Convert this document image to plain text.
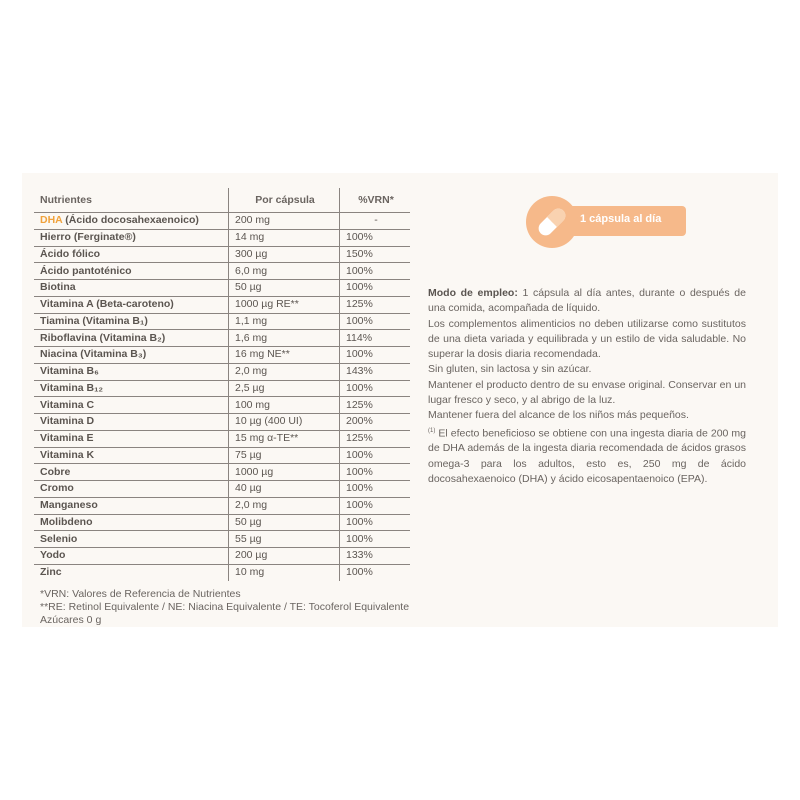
Nutrientes	Por cápsula	%VRN*
DHA (Ácido docosahexaenoico)	200 mg	-
Hierro (Ferginate®)	14 mg	100%
Ácido fólico	300 µg	150%
Ácido pantoténico	6,0 mg	100%
Biotina	50 µg	100%
Vitamina A (Beta-caroteno)	1000 µg RE**	125%
Tiamina (Vitamina B₁)	1,1 mg	100%
Riboflavina (Vitamina B₂)	1,6 mg	114%
Niacina (Vitamina B₃)	16 mg NE**	100%
Vitamina B₆	2,0 mg	143%
Vitamina B₁₂	2,5 µg	100%
Vitamina C	100 mg	125%
Vitamina D	10 µg (400 UI)	200%
Vitamina E	15 mg α-TE**	125%
Vitamina K	75 µg	100%
Cobre	1000 µg	100%
Cromo	40 µg	100%
Manganeso	2,0 mg	100%
Molibdeno	50 µg	100%
Selenio	55 µg	100%
Yodo	200 µg	133%
Zinc	10 mg	100%
*VRN: Valores de Referencia de Nutrientes
**RE: Retinol Equivalente / NE: Niacina Equivalente / TE: Tocoferol Equivalente
Azúcares 0 g
1 cápsula al día

Modo de empleo: 1 cápsula al día antes, durante o después de una comida, acompañada de líquido.

Los complementos alimenticios no deben utilizarse como sustitutos de una dieta variada y equilibrada y un estilo de vida saludable. No superar la dosis diaria recomendada.

Sin gluten, sin lactosa y sin azúcar.

Mantener el producto dentro de su envase original. Conservar en un lugar fresco y seco, y al abrigo de la luz.

Mantener fuera del alcance de los niños más pequeños.

$^{(1)}$ El efecto beneficioso se obtiene con una ingesta diaria de 200 mg de DHA además de la ingesta diaria recomendada de ácidos grasos omega-3 para los adultos, esto es, 250 mg de ácido docosahexaenoico (DHA) y ácido eicosapentaenoico (EPA).
